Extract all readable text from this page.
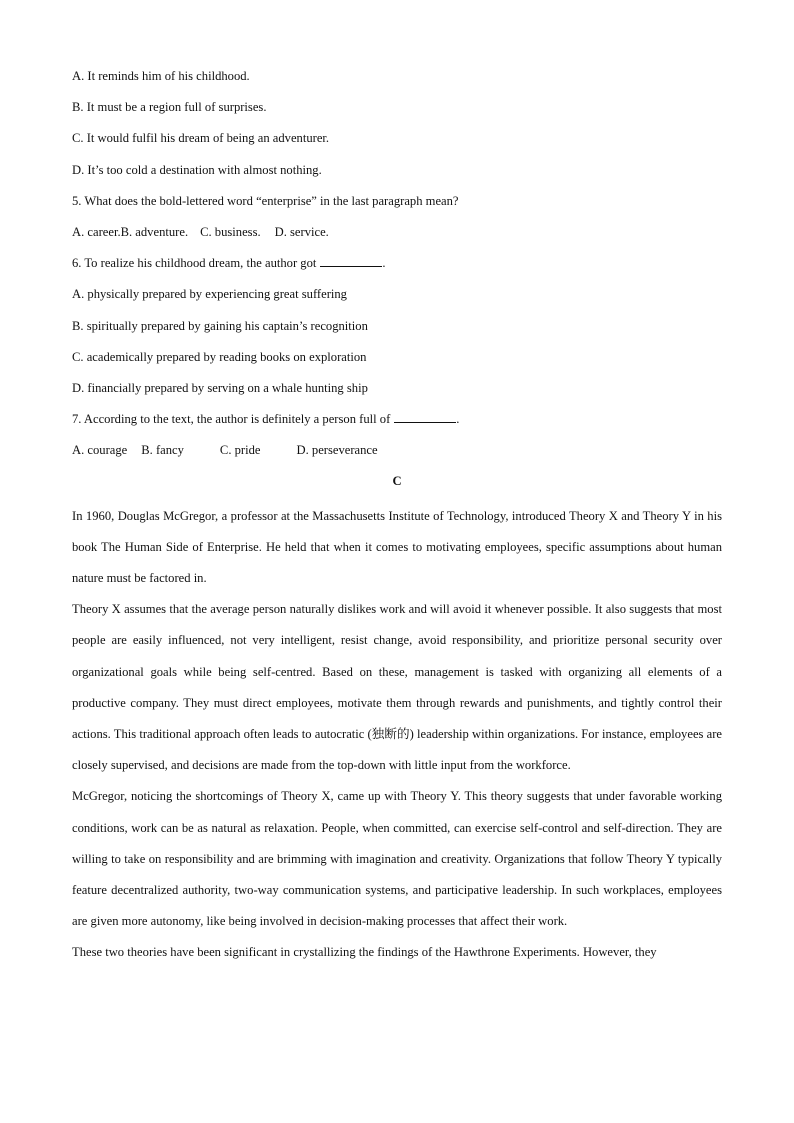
A. It reminds him of his childhood.
B. It must be a region full of surprises.
C. It would fulfil his dream of being an adventurer.
D. It’s too cold a destination with almost nothing.
5. What does the bold-lettered word “enterprise” in the last paragraph mean?
A. career.B. adventure. C. business. D. service.
6. To realize his childhood dream, the author got	.
A. physically prepared by experiencing great suffering
B. spiritually prepared by gaining his captain’s recognition
C. academically prepared by reading books on exploration
D. financially prepared by serving on a whale hunting ship
7. According to the text, the author is definitely a person full of	.
A. courage B. fancy	C. pride	D. perseverance
C

In 1960, Douglas McGregor, a professor at the Massachusetts Institute of Technology, introduced Theory X and Theory Y in his book The Human Side of Enterprise. He held that when it comes to motivating employees, specific assumptions about human nature must be factored in.

Theory X assumes that the average person naturally dislikes work and will avoid it whenever possible. It also suggests that most people are easily influenced, not very intelligent, resist change, avoid responsibility, and prioritize personal security over organizational goals while being self-centred. Based on these, management is tasked with organizing all elements of a productive company. They must direct employees, motivate them through rewards and punishments, and tightly control their actions. This traditional approach often leads to autocratic (独断的) leadership within organizations. For instance, employees are closely supervised, and decisions are made from the top-down with little input from the workforce.

McGregor, noticing the shortcomings of Theory X, came up with Theory Y. This theory suggests that under favorable working conditions, work can be as natural as relaxation. People, when committed, can exercise self-control and self-direction. They are willing to take on responsibility and are brimming with imagination and creativity. Organizations that follow Theory Y typically feature decentralized authority, two-way communication systems, and participative leadership. In such workplaces, employees are given more autonomy, like being involved in decision-making processes that affect their work.

These two theories have been significant in crystallizing the findings of the Hawthrone Experiments. However, they
